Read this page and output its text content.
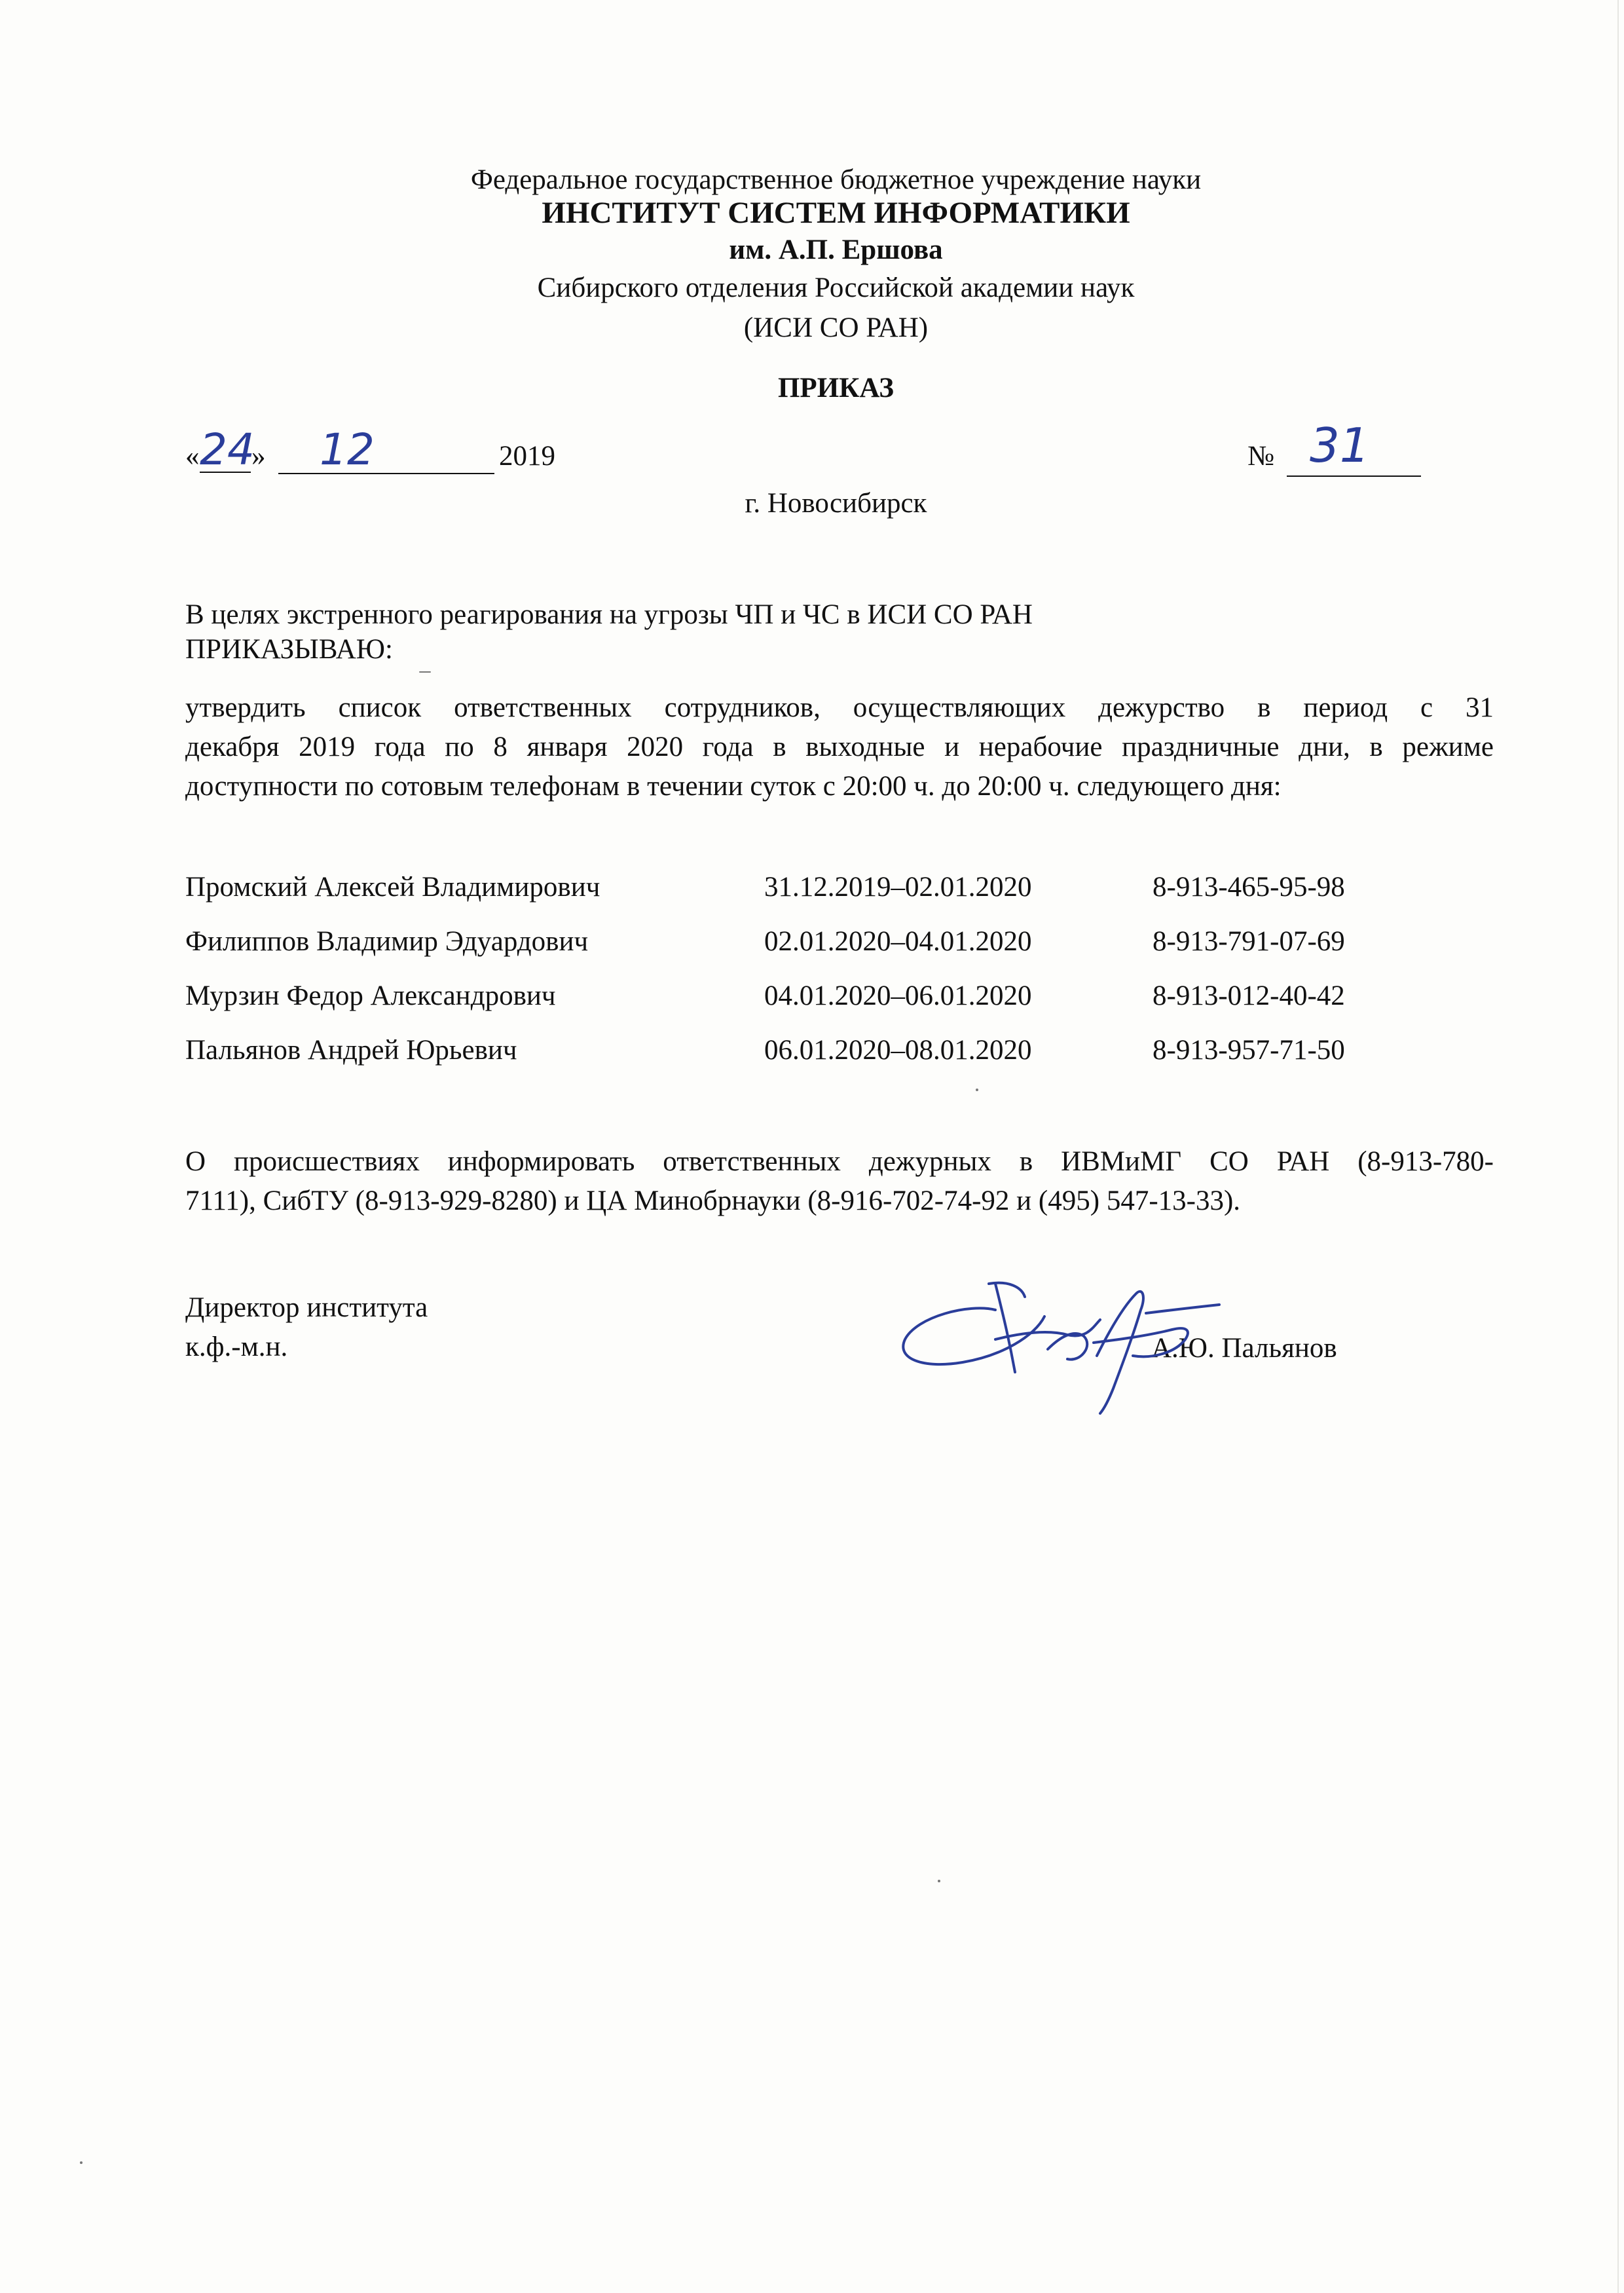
Федеральное государственное бюджетное учреждение науки
ИНСТИТУТ СИСТЕМ ИНФОРМАТИКИ
им. А.П. Ершова
Сибирского отделения Российской академии наук
(ИСИ СО РАН)
ПРИКАЗ
« 24
» 12	2019	№ 31
г. Новосибирск
В целях экстренного реагирования на угрозы ЧП и ЧС в ИСИ СО РАН
ПРИКАЗЫВАЮ:
утвердить список ответственных сотрудников, осуществляющих дежурство в период с 31
декабря 2019 года по 8 января 2020 года в выходные и нерабочие праздничные дни, в режиме
доступности по сотовым телефонам в течении суток с 20:00 ч. до 20:00 ч. следующего дня:
Промский Алексей Владимирович	31.12.2019–02.01.2020	8-913-465-95-98
Филиппов Владимир Эдуардович	02.01.2020–04.01.2020	8-913-791-07-69
Мурзин Федор Александрович	04.01.2020–06.01.2020	8-913-012-40-42
Пальянов Андрей Юрьевич	06.01.2020–08.01.2020	8-913-957-71-50
О происшествиях информировать ответственных дежурных в ИВМиМГ СО РАН (8-913-780-
7111), СибТУ (8-913-929-8280) и ЦА Минобрнауки (8-916-702-74-92 и (495) 547-13-33).
Директор института
к.ф.-м.н.	А.Ю. Пальянов
